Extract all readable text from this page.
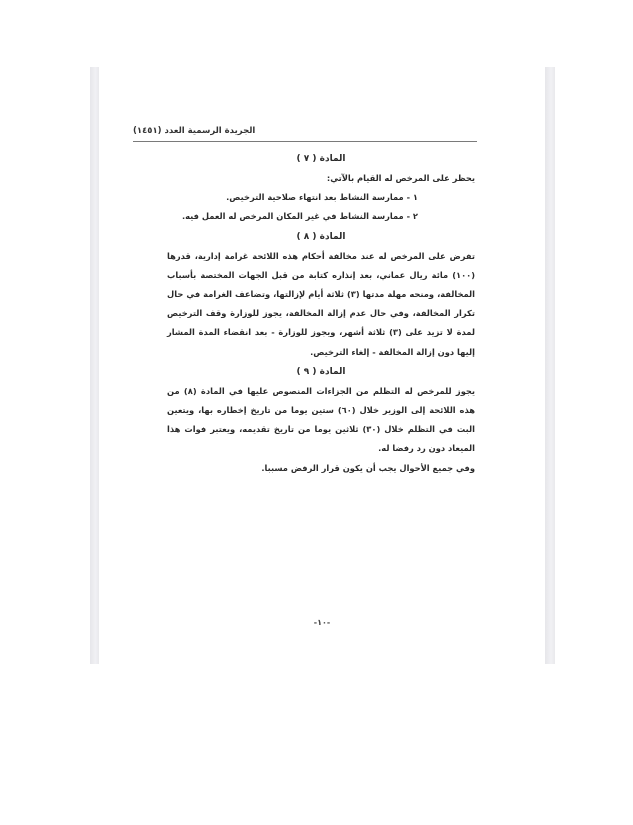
الجريدة الرسمية العدد (١٤٥١)

المادة ( ٧ )

يحظر على المرخص له القيام بالآتي:

١ - ممارسة النشاط بعد انتهاء صلاحية الترخيص.

٢ - ممارسة النشاط في غير المكان المرخص له العمل فيه.

المادة ( ٨ )

تفرض على المرخص له عند مخالفة أحكام هذه اللائحة غرامة إدارية، قدرها (١٠٠) مائة ريال عماني، بعد إنذاره كتابة من قبل الجهات المختصة بأسباب المخالفة، ومنحه مهلة مدتها (٣) ثلاثة أيام لإزالتها، وتضاعف الغرامة في حال تكرار المخالفة، وفي حال عدم إزالة المخالفة، يجوز للوزارة وقف الترخيص لمدة لا تزيد على (٣) ثلاثة أشهر، ويجوز للوزارة - بعد انقضاء المدة المشار إليها دون إزالة المخالفة - إلغاء الترخيص.

المادة ( ٩ )

يجوز للمرخص له التظلم من الجزاءات المنصوص عليها في المادة (٨) من هذه اللائحة إلى الوزير خلال (٦٠) ستين يوما من تاريخ إخطاره بها، ويتعين البت في التظلم خلال (٣٠) ثلاثين يوما من تاريخ تقديمه، ويعتبر فوات هذا الميعاد دون رد رفضا له.

وفي جميع الأحوال يجب أن يكون قرار الرفض مسببا.

-١٠-
